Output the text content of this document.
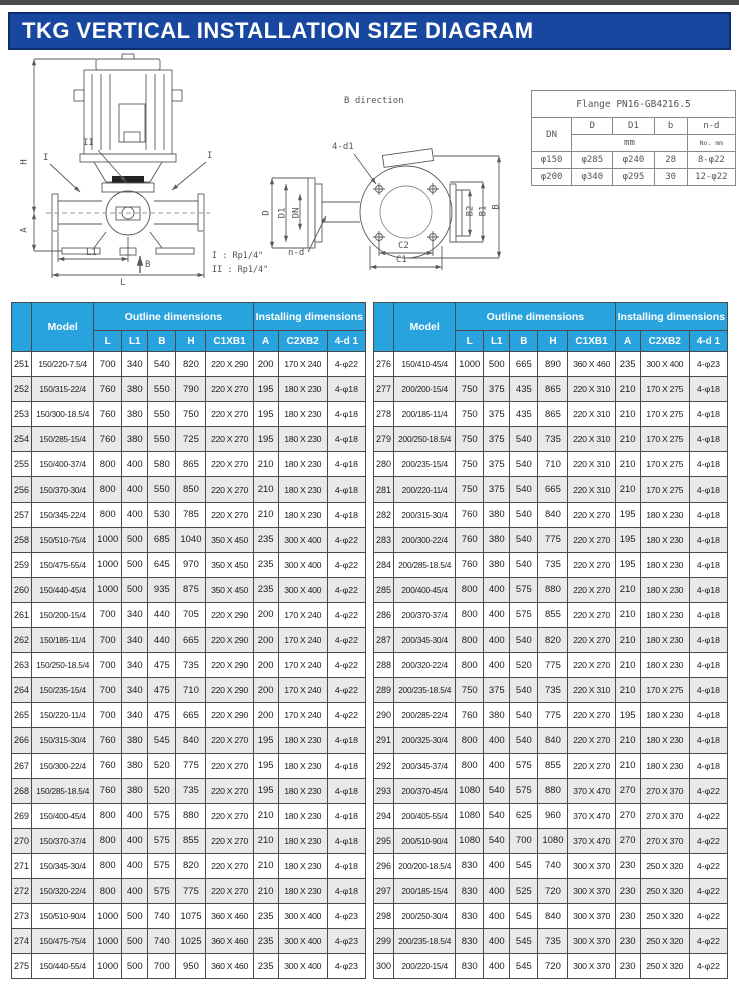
TKG VERTICAL INSTALLATION SIZE DIAGRAM
H
A
II
I	I
L1
B
L
I : Rp1/4"
II : Rp1/4"
B direction
4-d1
D D1 DN
n-d
C2
C1
B2 B1 B
Flange PN16-GB4216.5				
DN	D	D1	b	n-d
	mm			No. mm
φ150	φ285	φ240	28	8-φ22
φ200	φ340	φ295	30	12-φ22
	Model	Outline dimensions					Installing dimensions		
		L	L1	B	H	C1XB1	A	C2XB2	4-d 1
251	150/220-7.5/4	700	340	540	820	220 X 290	200	170 X 240	4-φ22
252	150/315-22/4	760	380	550	790	220 X 270	195	180 X 230	4-φ18
253	150/300-18.5/4	760	380	550	750	220 X 270	195	180 X 230	4-φ18
254	150/285-15/4	760	380	550	725	220 X 270	195	180 X 230	4-φ18
255	150/400-37/4	800	400	580	865	220 X 270	210	180 X 230	4-φ18
256	150/370-30/4	800	400	550	850	220 X 270	210	180 X 230	4-φ18
257	150/345-22/4	800	400	530	785	220 X 270	210	180 X 230	4-φ18
258	150/510-75/4	1000	500	685	1040	350 X 450	235	300 X 400	4-φ22
259	150/475-55/4	1000	500	645	970	350 X 450	235	300 X 400	4-φ22
260	150/440-45/4	1000	500	935	875	350 X 450	235	300 X 400	4-φ22
261	150/200-15/4	700	340	440	705	220 X 290	200	170 X 240	4-φ22
262	150/185-11/4	700	340	440	665	220 X 290	200	170 X 240	4-φ22
263	150/250-18.5/4	700	340	475	735	220 X 290	200	170 X 240	4-φ22
264	150/235-15/4	700	340	475	710	220 X 290	200	170 X 240	4-φ22
265	150/220-11/4	700	340	475	665	220 X 290	200	170 X 240	4-φ22
266	150/315-30/4	760	380	545	840	220 X 270	195	180 X 230	4-φ18
267	150/300-22/4	760	380	520	775	220 X 270	195	180 X 230	4-φ18
268	150/285-18.5/4	760	380	520	735	220 X 270	195	180 X 230	4-φ18
269	150/400-45/4	800	400	575	880	220 X 270	210	180 X 230	4-φ18
270	150/370-37/4	800	400	575	855	220 X 270	210	180 X 230	4-φ18
271	150/345-30/4	800	400	575	820	220 X 270	210	180 X 230	4-φ18
272	150/320-22/4	800	400	575	775	220 X 270	210	180 X 230	4-φ18
273	150/510-90/4	1000	500	740	1075	360 X 460	235	300 X 400	4-φ23
274	150/475-75/4	1000	500	740	1025	360 X 460	235	300 X 400	4-φ23
275	150/440-55/4	1000	500	700	950	360 X 460	235	300 X 400	4-φ23
	Model	Outline dimensions					Installing dimensions		
		L	L1	B	H	C1XB1	A	C2XB2	4-d 1
276	150/410-45/4	1000	500	665	890	360 X 460	235	300 X 400	4-φ23
277	200/200-15/4	750	375	435	865	220 X 310	210	170 X 275	4-φ18
278	200/185-11/4	750	375	435	865	220 X 310	210	170 X 275	4-φ18
279	200/250-18.5/4	750	375	540	735	220 X 310	210	170 X 275	4-φ18
280	200/235-15/4	750	375	540	710	220 X 310	210	170 X 275	4-φ18
281	200/220-11/4	750	375	540	665	220 X 310	210	170 X 275	4-φ18
282	200/315-30/4	760	380	540	840	220 X 270	195	180 X 230	4-φ18
283	200/300-22/4	760	380	540	775	220 X 270	195	180 X 230	4-φ18
284	200/285-18.5/4	760	380	540	735	220 X 270	195	180 X 230	4-φ18
285	200/400-45/4	800	400	575	880	220 X 270	210	180 X 230	4-φ18
286	200/370-37/4	800	400	575	855	220 X 270	210	180 X 230	4-φ18
287	200/345-30/4	800	400	540	820	220 X 270	210	180 X 230	4-φ18
288	200/320-22/4	800	400	520	775	220 X 270	210	180 X 230	4-φ18
289	200/235-18.5/4	750	375	540	735	220 X 310	210	170 X 275	4-φ18
290	200/285-22/4	760	380	540	775	220 X 270	195	180 X 230	4-φ18
291	200/325-30/4	800	400	540	840	220 X 270	210	180 X 230	4-φ18
292	200/345-37/4	800	400	575	855	220 X 270	210	180 X 230	4-φ18
293	200/370-45/4	1080	540	575	880	370 X 470	270	270 X 370	4-φ22
294	200/405-55/4	1080	540	625	960	370 X 470	270	270 X 370	4-φ22
295	200/510-90/4	1080	540	700	1080	370 X 470	270	270 X 370	4-φ22
296	200/200-18.5/4	830	400	545	740	300 X 370	230	250 X 320	4-φ22
297	200/185-15/4	830	400	525	720	300 X 370	230	250 X 320	4-φ22
298	200/250-30/4	830	400	545	840	300 X 370	230	250 X 320	4-φ22
299	200/235-18.5/4	830	400	545	735	300 X 370	230	250 X 320	4-φ22
300	200/220-15/4	830	400	545	720	300 X 370	230	250 X 320	4-φ22
